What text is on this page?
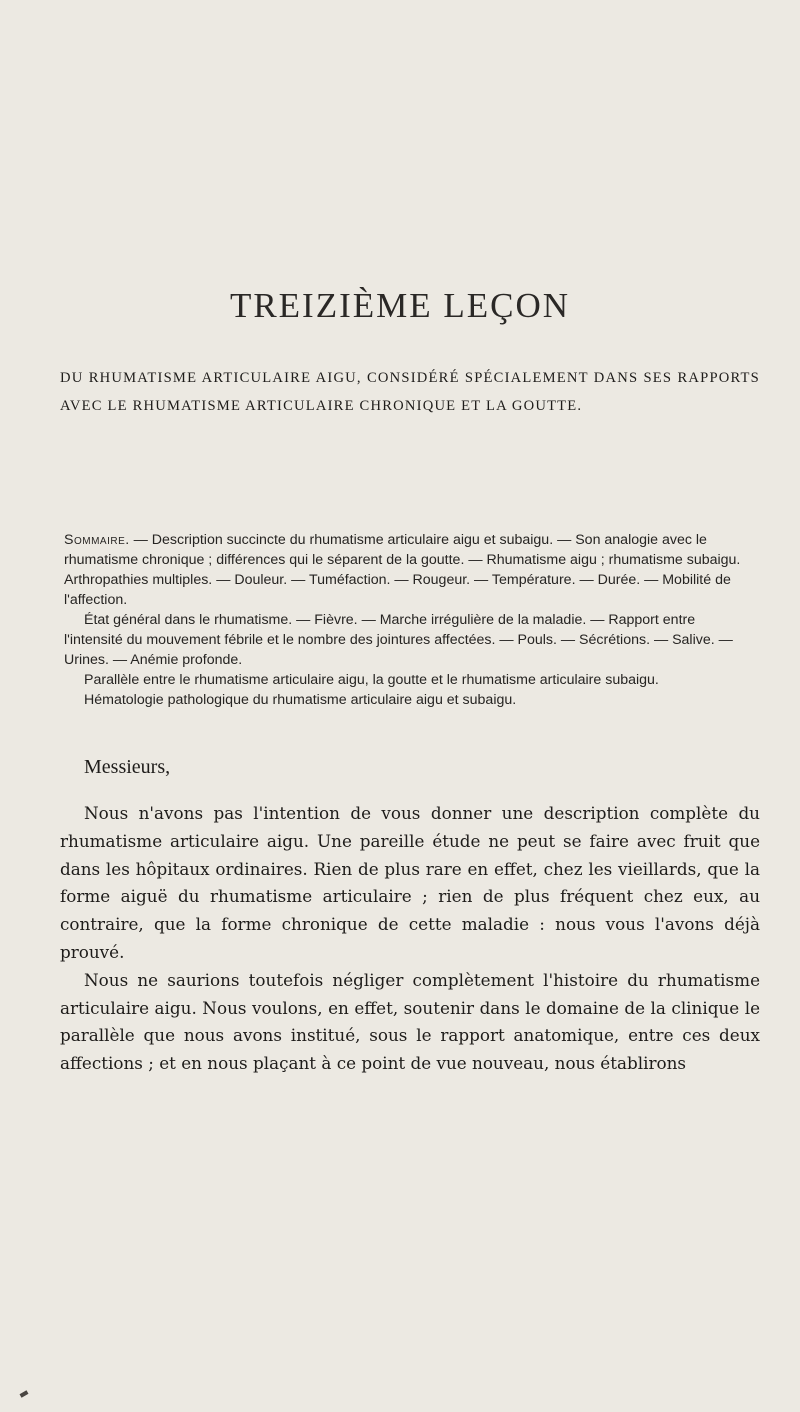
TREIZIÈME LEÇON
DU RHUMATISME ARTICULAIRE AIGU, CONSIDÉRÉ SPÉCIALEMENT DANS SES RAPPORTS AVEC LE RHUMATISME ARTICULAIRE CHRONIQUE ET LA GOUTTE.

Sommaire. — Description succincte du rhumatisme articulaire aigu et subaigu. — Son analogie avec le rhumatisme chronique ; différences qui le séparent de la goutte. — Rhumatisme aigu ; rhumatisme subaigu. Arthropathies multiples. — Douleur. — Tuméfaction. — Rougeur. — Température. — Durée. — Mobilité de l'affection.

État général dans le rhumatisme. — Fièvre. — Marche irrégulière de la maladie. — Rapport entre l'intensité du mouvement fébrile et le nombre des jointures affectées. — Pouls. — Sécrétions. — Salive. — Urines. — Anémie profonde.

Parallèle entre le rhumatisme articulaire aigu, la goutte et le rhumatisme articulaire subaigu.

Hématologie pathologique du rhumatisme articulaire aigu et subaigu.

Messieurs,

Nous n'avons pas l'intention de vous donner une description complète du rhumatisme articulaire aigu. Une pareille étude ne peut se faire avec fruit que dans les hôpitaux ordinaires. Rien de plus rare en effet, chez les vieillards, que la forme aiguë du rhumatisme articulaire ; rien de plus fréquent chez eux, au contraire, que la forme chronique de cette maladie : nous vous l'avons déjà prouvé.

Nous ne saurions toutefois négliger complètement l'histoire du rhumatisme articulaire aigu. Nous voulons, en effet, soutenir dans le domaine de la clinique le parallèle que nous avons institué, sous le rapport anatomique, entre ces deux affections ; et en nous plaçant à ce point de vue nouveau, nous établirons
